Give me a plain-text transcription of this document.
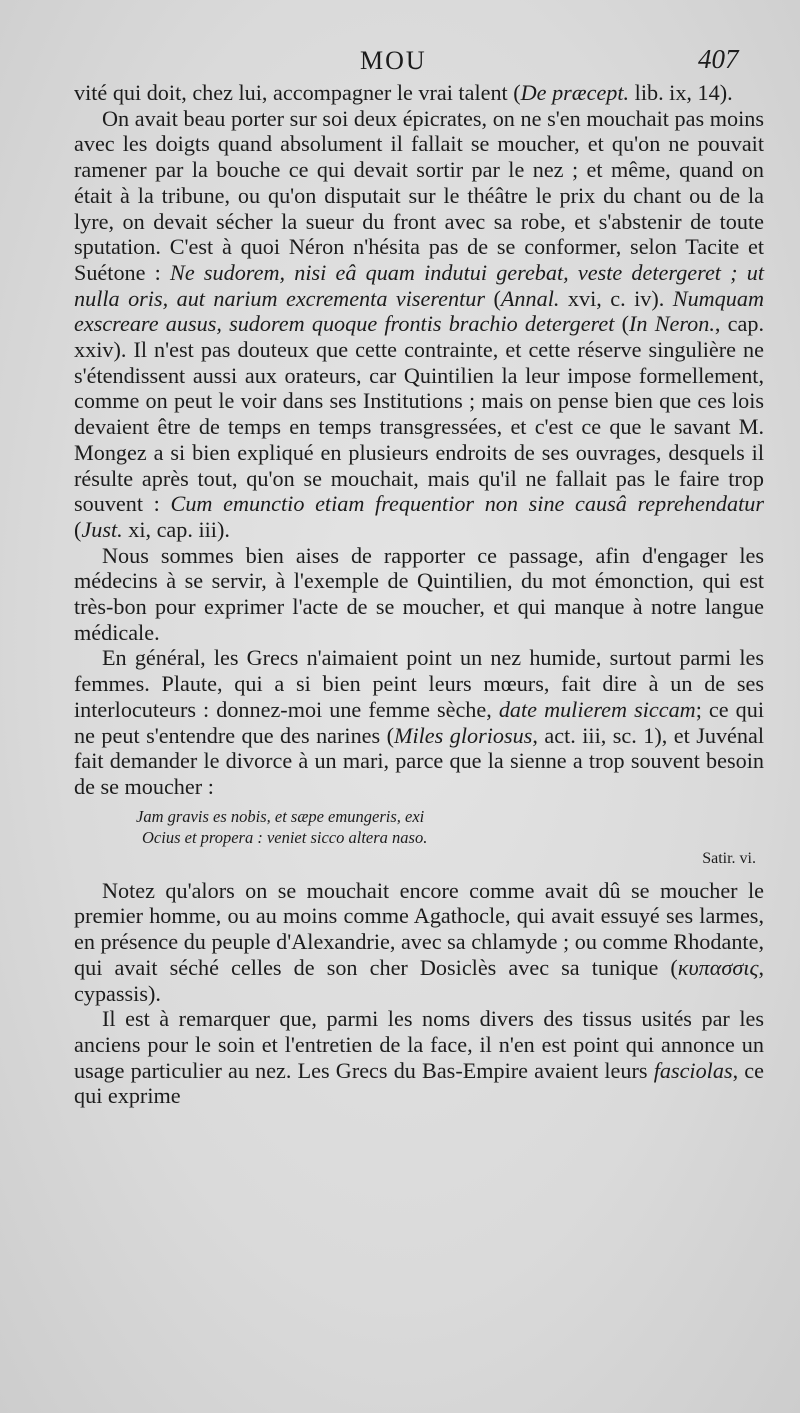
MOU	407

vité qui doit, chez lui, accompagner le vrai talent (De præcept. lib. ix, 14).

On avait beau porter sur soi deux épicrates, on ne s'en mouchait pas moins avec les doigts quand absolument il fallait se moucher, et qu'on ne pouvait ramener par la bouche ce qui devait sortir par le nez ; et même, quand on était à la tribune, ou qu'on disputait sur le théâtre le prix du chant ou de la lyre, on devait sécher la sueur du front avec sa robe, et s'abstenir de toute sputation. C'est à quoi Néron n'hésita pas de se conformer, selon Tacite et Suétone : Ne sudorem, nisi eâ quam indutui gerebat, veste detergeret ; ut nulla oris, aut narium excrementa viserentur (Annal. xvi, c. iv). Numquam exscreare ausus, sudorem quoque frontis brachio detergeret (In Neron., cap. xxiv). Il n'est pas douteux que cette contrainte, et cette réserve singulière ne s'étendissent aussi aux orateurs, car Quintilien la leur impose formellement, comme on peut le voir dans ses Institutions ; mais on pense bien que ces lois devaient être de temps en temps transgressées, et c'est ce que le savant M. Mongez a si bien expliqué en plusieurs endroits de ses ouvrages, desquels il résulte après tout, qu'on se mouchait, mais qu'il ne fallait pas le faire trop souvent : Cum emunctio etiam frequentior non sine causâ reprehendatur (Just. xi, cap. iii).

Nous sommes bien aises de rapporter ce passage, afin d'engager les médecins à se servir, à l'exemple de Quintilien, du mot émonction, qui est très-bon pour exprimer l'acte de se moucher, et qui manque à notre langue médicale.

En général, les Grecs n'aimaient point un nez humide, surtout parmi les femmes. Plaute, qui a si bien peint leurs mœurs, fait dire à un de ses interlocuteurs : donnez-moi une femme sèche, date mulierem siccam; ce qui ne peut s'entendre que des narines (Miles gloriosus, act. iii, sc. 1), et Juvénal fait demander le divorce à un mari, parce que la sienne a trop souvent besoin de se moucher :

Jam gravis es nobis, et sæpe emungeris, exi
Ocius et propera : veniet sicco altera naso.
Satir. vi.

Notez qu'alors on se mouchait encore comme avait dû se moucher le premier homme, ou au moins comme Agathocle, qui avait essuyé ses larmes, en présence du peuple d'Alexandrie, avec sa chlamyde ; ou comme Rhodante, qui avait séché celles de son cher Dosiclès avec sa tunique (κυπασσις, cypassis).

Il est à remarquer que, parmi les noms divers des tissus usités par les anciens pour le soin et l'entretien de la face, il n'en est point qui annonce un usage particulier au nez. Les Grecs du Bas-Empire avaient leurs fasciolas, ce qui exprime
